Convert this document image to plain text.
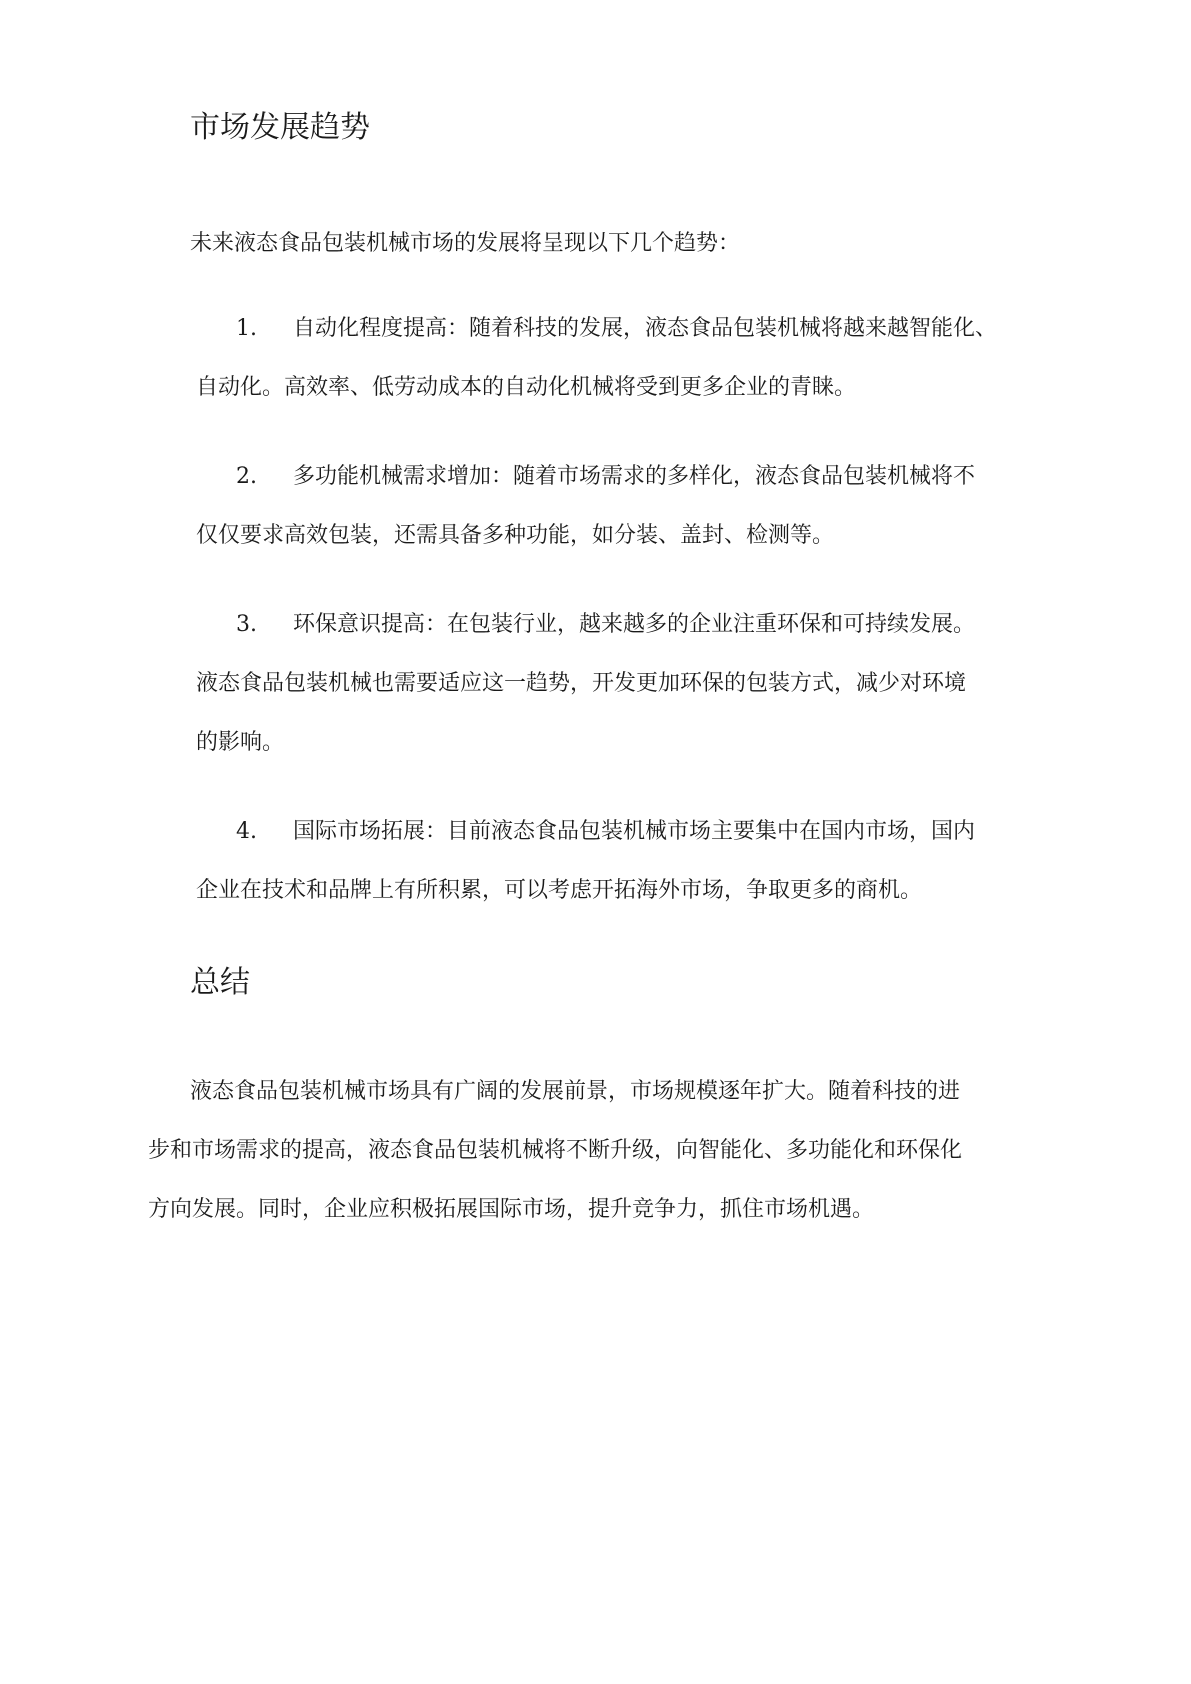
市场发展趋势

未来液态食品包装机械市场的发展将呈现以下几个趋势：

1. 自动化程度提高：随着科技的发展，液态食品包装机械将越来越智能化、

自动化。高效率、低劳动成本的自动化机械将受到更多企业的青睐。

2. 多功能机械需求增加：随着市场需求的多样化，液态食品包装机械将不

仅仅要求高效包装，还需具备多种功能，如分装、盖封、检测等。

3. 环保意识提高：在包装行业，越来越多的企业注重环保和可持续发展。

液态食品包装机械也需要适应这一趋势，开发更加环保的包装方式，减少对环境

的影响。

4. 国际市场拓展：目前液态食品包装机械市场主要集中在国内市场，国内

企业在技术和品牌上有所积累，可以考虑开拓海外市场，争取更多的商机。

总结

液态食品包装机械市场具有广阔的发展前景，市场规模逐年扩大。随着科技的进

步和市场需求的提高，液态食品包装机械将不断升级，向智能化、多功能化和环保化

方向发展。同时，企业应积极拓展国际市场，提升竞争力，抓住市场机遇。
